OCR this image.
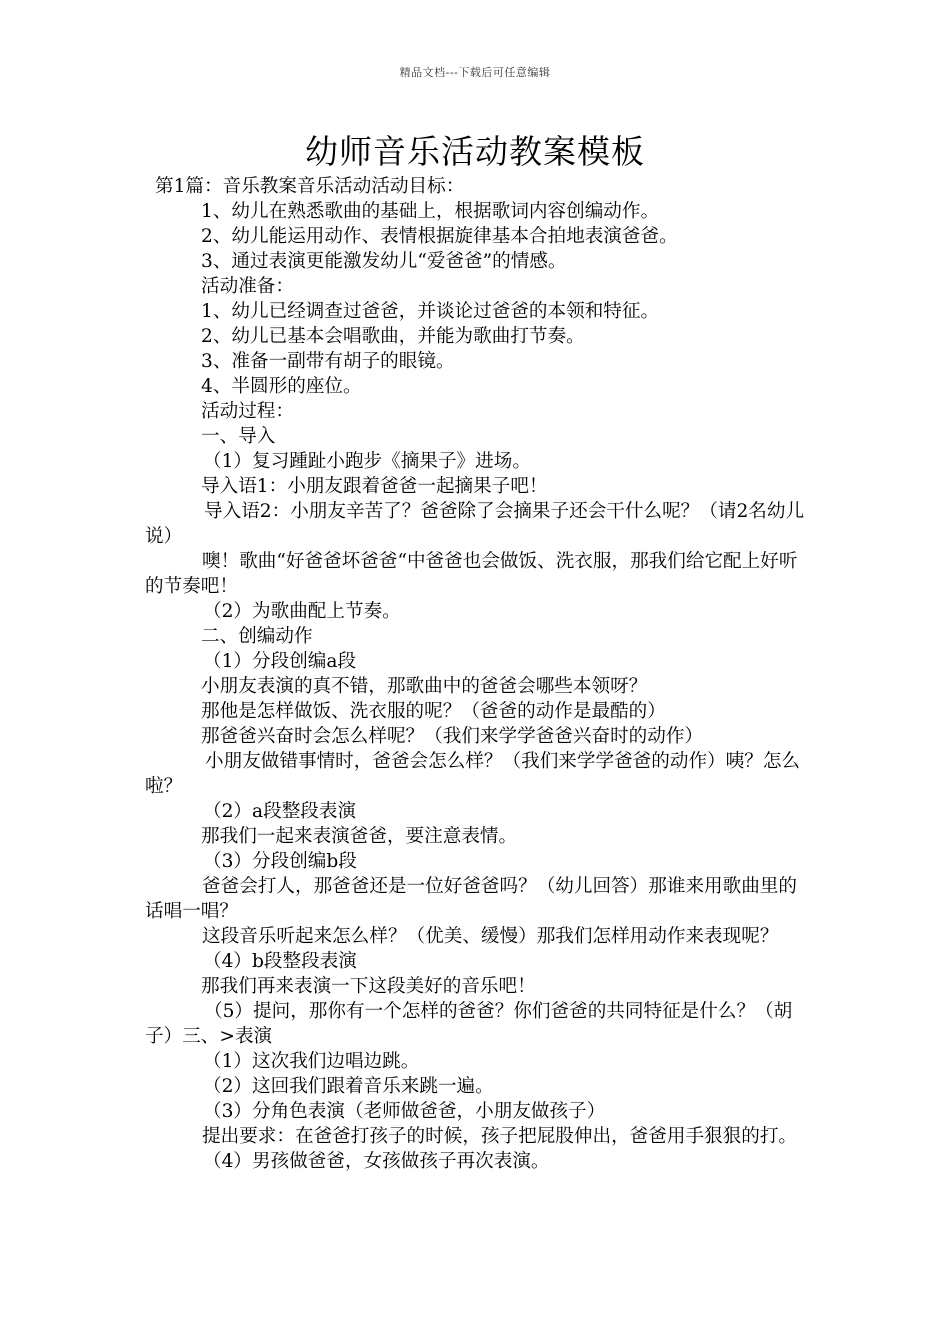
精品文档---下载后可任意编辑
幼师音乐活动教案模板
第1篇：音乐教案音乐活动活动目标：
1、幼儿在熟悉歌曲的基础上，根据歌词内容创编动作。
2、幼儿能运用动作、表情根据旋律基本合拍地表演爸爸。
3、通过表演更能激发幼儿“爱爸爸”的情感。
活动准备：
1、幼儿已经调查过爸爸，并谈论过爸爸的本领和特征。
2、幼儿已基本会唱歌曲，并能为歌曲打节奏。
3、准备一副带有胡子的眼镜。
4、半圆形的座位。
活动过程：
一、导入
（1）复习踵趾小跑步《摘果子》进场。
导入语1：小朋友跟着爸爸一起摘果子吧！
导入语2：小朋友辛苦了？爸爸除了会摘果子还会干什么呢？（请2名幼儿说）
噢！歌曲“好爸爸坏爸爸“中爸爸也会做饭、洗衣服，那我们给它配上好听的节奏吧！
（2）为歌曲配上节奏。
二、创编动作
（1）分段创编a段
小朋友表演的真不错，那歌曲中的爸爸会哪些本领呀？
那他是怎样做饭、洗衣服的呢？（爸爸的动作是最酷的）
那爸爸兴奋时会怎么样呢？（我们来学学爸爸兴奋时的动作）
小朋友做错事情时，爸爸会怎么样？（我们来学学爸爸的动作）咦？怎么啦？
（2）a段整段表演
那我们一起来表演爸爸，要注意表情。
（3）分段创编b段
爸爸会打人，那爸爸还是一位好爸爸吗？（幼儿回答）那谁来用歌曲里的话唱一唱？
这段音乐听起来怎么样？（优美、缓慢）那我们怎样用动作来表现呢？
（4）b段整段表演
那我们再来表演一下这段美好的音乐吧！
（5）提问，那你有一个怎样的爸爸？你们爸爸的共同特征是什么？（胡子）三、>表演
（1）这次我们边唱边跳。
（2）这回我们跟着音乐来跳一遍。
（3）分角色表演（老师做爸爸，小朋友做孩子）
提出要求：在爸爸打孩子的时候，孩子把屁股伸出，爸爸用手狠狠的打。
（4）男孩做爸爸，女孩做孩子再次表演。
